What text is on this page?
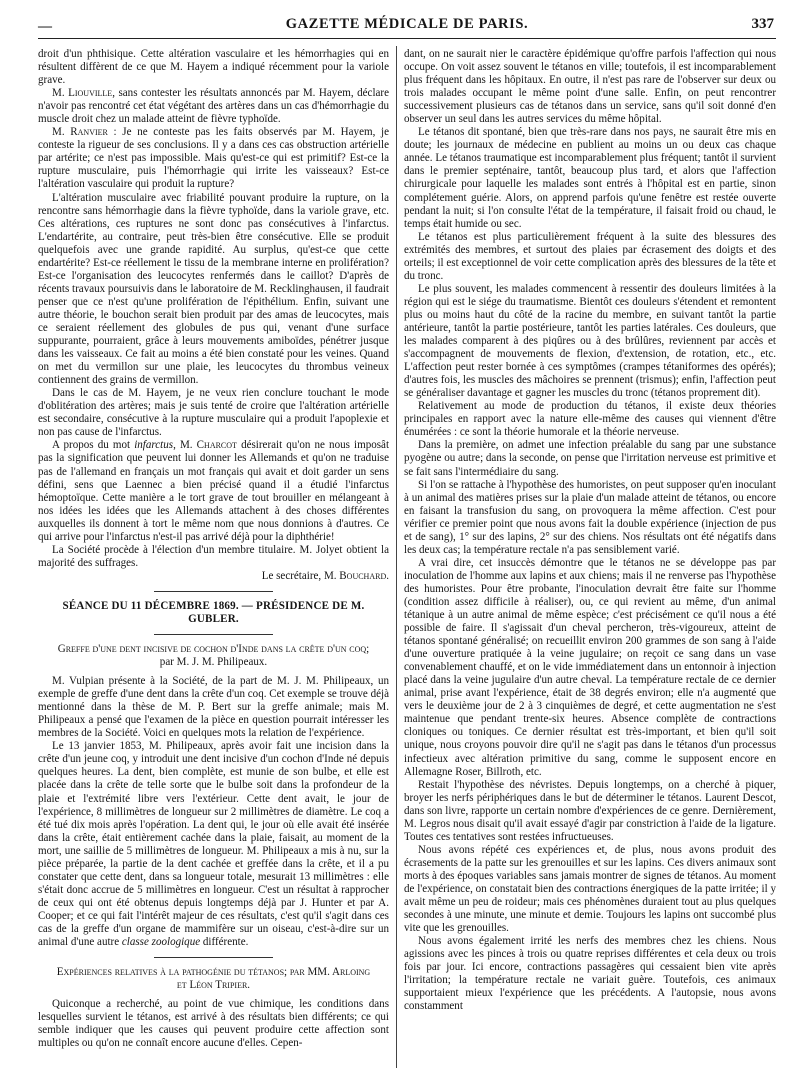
—	GAZETTE MÉDICALE DE PARIS.	337

droit d'un phthisique. Cette altération vasculaire et les hémorrhagies qui en résultent diffèrent de ce que M. Hayem a indiqué récemment pour la variole grave.

M. Liouville, sans contester les résultats annoncés par M. Hayem, déclare n'avoir pas rencontré cet état végétant des artères dans un cas d'hémorrhagie du muscle droit chez un malade atteint de fièvre typhoïde.

M. Ranvier : Je ne conteste pas les faits observés par M. Hayem, je conteste la rigueur de ses conclusions. Il y a dans ces cas obstruction artérielle par artérite; ce n'est pas impossible. Mais qu'est-ce qui est primitif? Est-ce la rupture musculaire, puis l'hémorrhagie qui irrite les vaisseaux? Est-ce l'altération vasculaire qui produit la rupture?

L'altération musculaire avec friabilité pouvant produire la rupture, on la rencontre sans hémorrhagie dans la fièvre typhoïde, dans la variole grave, etc. Ces altérations, ces ruptures ne sont donc pas consécutives à l'infarctus. L'endartérite, au contraire, peut très-bien être consécutive. Elle se produit quelquefois avec une grande rapidité. Au surplus, qu'est-ce que cette endartérite? Est-ce réellement le tissu de la membrane interne en prolifération? Est-ce l'organisation des leucocytes renfermés dans le caillot? D'après de récents travaux poursuivis dans le laboratoire de M. Recklinghausen, il faudrait penser que ce n'est qu'une prolifération de l'épithélium. Enfin, suivant une autre théorie, le bouchon serait bien produit par des amas de leucocytes, mais ce seraient réellement des globules de pus qui, venant d'une surface suppurante, pourraient, grâce à leurs mouvements amiboïdes, pénétrer jusque dans les vaisseaux. Ce fait au moins a été bien constaté pour les veines. Quand on met du vermillon sur une plaie, les leucocytes du thrombus veineux contiennent des grains de vermillon.

Dans le cas de M. Hayem, je ne veux rien conclure touchant le mode d'oblitération des artères; mais je suis tenté de croire que l'altération artérielle est secondaire, consécutive à la rupture musculaire qui a produit l'apoplexie et non pas cause de l'infarctus.

A propos du mot infarctus, M. Charcot désirerait qu'on ne nous imposât pas la signification que peuvent lui donner les Allemands et qu'on ne traduise pas de l'allemand en français un mot français qui avait et doit garder un sens défini, sens que Laennec a bien précisé quand il a étudié l'infarctus hémoptoïque. Cette manière a le tort grave de tout brouiller en mélangeant à nos idées les idées que les Allemands attachent à des choses différentes auxquelles ils donnent à tort le même nom que nous donnions à d'autres. Ce qui arrive pour l'infarctus n'est-il pas arrivé déjà pour la diphthérie!

La Société procède à l'élection d'un membre titulaire. M. Jolyet obtient la majorité des suffrages.

Le secrétaire, M. Bouchard.

SÉANCE DU 11 DÉCEMBRE 1869. — PRÉSIDENCE DE M. GUBLER.
Greffe d'une dent incisive de cochon d'Inde dans la crête d'un coq;
par M. J. M. Philipeaux.

M. Vulpian présente à la Société, de la part de M. J. M. Philipeaux, un exemple de greffe d'une dent dans la crête d'un coq. Cet exemple se trouve déjà mentionné dans la thèse de M. P. Bert sur la greffe animale; mais M. Philipeaux a pensé que l'examen de la pièce en question pourrait intéresser les membres de la Société. Voici en quelques mots la relation de l'expérience.

Le 13 janvier 1853, M. Philipeaux, après avoir fait une incision dans la crête d'un jeune coq, y introduit une dent incisive d'un cochon d'Inde né depuis quelques heures. La dent, bien complète, est munie de son bulbe, et elle est placée dans la crête de telle sorte que le bulbe soit dans la profondeur de la plaie et l'extrémité libre vers l'extérieur. Cette dent avait, le jour de l'expérience, 8 millimètres de longueur sur 2 millimètres de diamètre. Le coq a été tué dix mois après l'opération. La dent qui, le jour où elle avait été insérée dans la crête, était entièrement cachée dans la plaie, faisait, au moment de la mort, une saillie de 5 millimètres de longueur. M. Philipeaux a mis à nu, sur la pièce préparée, la partie de la dent cachée et greffée dans la crête, et il a pu constater que cette dent, dans sa longueur totale, mesurait 13 millimètres : elle s'était donc accrue de 5 millimètres en longueur. C'est un résultat à rapprocher de ceux qui ont été obtenus depuis longtemps déjà par J. Hunter et par A. Cooper; et ce qui fait l'intérêt majeur de ces résultats, c'est qu'il s'agit dans ces cas de la greffe d'un organe de mammifère sur un oiseau, c'est-à-dire sur un animal d'une autre classe zoologique différente.

Expériences relatives à la pathogénie du tétanos; par MM. Arloing
et Léon Tripier.

Quiconque a recherché, au point de vue chimique, les conditions dans lesquelles survient le tétanos, est arrivé à des résultats bien différents; ce qui semble indiquer que les causes qui peuvent produire cette affection sont multiples ou qu'on ne connaît encore aucune d'elles. Cepen-

dant, on ne saurait nier le caractère épidémique qu'offre parfois l'affection qui nous occupe. On voit assez souvent le tétanos en ville; toutefois, il est incomparablement plus fréquent dans les hôpitaux. En outre, il n'est pas rare de l'observer sur deux ou trois malades occupant le même point d'une salle. Enfin, on peut rencontrer successivement plusieurs cas de tétanos dans un service, sans qu'il soit donné d'en observer un seul dans les autres services du même hôpital.

Le tétanos dit spontané, bien que très-rare dans nos pays, ne saurait être mis en doute; les journaux de médecine en publient au moins un ou deux cas chaque année. Le tétanos traumatique est incomparablement plus fréquent; tantôt il survient dans le premier septénaire, tantôt, beaucoup plus tard, et alors que l'affection chirurgicale pour laquelle les malades sont entrés à l'hôpital est en partie, sinon complétement guérie. Alors, on apprend parfois qu'une fenêtre est restée ouverte pendant la nuit; si l'on consulte l'état de la température, il faisait froid ou chaud, le temps était humide ou sec.

Le tétanos est plus particulièrement fréquent à la suite des blessures des extrémités des membres, et surtout des plaies par écrasement des doigts et des orteils; il est exceptionnel de voir cette complication après des blessures de la tête et du tronc.

Le plus souvent, les malades commencent à ressentir des douleurs limitées à la région qui est le siége du traumatisme. Bientôt ces douleurs s'étendent et remontent plus ou moins haut du côté de la racine du membre, en suivant tantôt la partie antérieure, tantôt la partie postérieure, tantôt les parties latérales. Ces douleurs, que les malades comparent à des piqûres ou à des brûlûres, reviennent par accès et s'accompagnent de mouvements de flexion, d'extension, de rotation, etc., etc. L'affection peut rester bornée à ces symptômes (crampes tétaniformes des opérés); d'autres fois, les muscles des mâchoires se prennent (trismus); enfin, l'affection peut se généraliser davantage et gagner les muscles du tronc (tétanos proprement dit).

Relativement au mode de production du tétanos, il existe deux théories principales en rapport avec la nature elle-même des causes qui viennent d'être énumérées : ce sont la théorie humorale et la théorie nerveuse.

Dans la première, on admet une infection préalable du sang par une substance pyogène ou autre; dans la seconde, on pense que l'irritation nerveuse est primitive et se fait sans l'intermédiaire du sang.

Si l'on se rattache à l'hypothèse des humoristes, on peut supposer qu'en inoculant à un animal des matières prises sur la plaie d'un malade atteint de tétanos, ou encore en faisant la transfusion du sang, on provoquera la même affection. C'est pour vérifier ce premier point que nous avons fait la double expérience (injection de pus et de sang), 1° sur des lapins, 2° sur des chiens. Nos résultats ont été négatifs dans les deux cas; la température rectale n'a pas sensiblement varié.

A vrai dire, cet insuccès démontre que le tétanos ne se développe pas par inoculation de l'homme aux lapins et aux chiens; mais il ne renverse pas l'hypothèse des humoristes. Pour être probante, l'inoculation devrait être faite sur l'homme (condition assez difficile à réaliser), ou, ce qui revient au même, d'un animal tétanique à un autre animal de même espèce; c'est précisément ce qu'il nous a été possible de faire. Il s'agissait d'un cheval percheron, très-vigoureux, atteint de tétanos spontané généralisé; on recueillit environ 200 grammes de son sang à l'aide d'une ouverture pratiquée à la veine jugulaire; on reçoit ce sang dans un vase convenablement chauffé, et on le vide immédiatement dans un entonnoir à injection placé dans la veine jugulaire d'un autre cheval. La température rectale de ce dernier animal, prise avant l'expérience, était de 38 degrés environ; elle n'a augmenté que vers le deuxième jour de 2 à 3 cinquièmes de degré, et cette augmentation ne s'est maintenue que pendant trente-six heures. Absence complète de contractions cloniques ou toniques. Ce dernier résultat est très-important, et bien qu'il soit unique, nous croyons pouvoir dire qu'il ne s'agit pas dans le tétanos d'un processus infectieux avec altération primitive du sang, comme le supposent encore en Allemagne Roser, Billroth, etc.

Restait l'hypothèse des névristes. Depuis longtemps, on a cherché à piquer, broyer les nerfs périphériques dans le but de déterminer le tétanos. Laurent Descot, dans son livre, rapporte un certain nombre d'expériences de ce genre. Dernièrement, M. Legros nous disait qu'il avait essayé d'agir par constriction à l'aide de la ligature. Toutes ces tentatives sont restées infructueuses.

Nous avons répété ces expériences et, de plus, nous avons produit des écrasements de la patte sur les grenouilles et sur les lapins. Ces divers animaux sont morts à des époques variables sans jamais montrer de signes de tétanos. Au moment de l'expérience, on constatait bien des contractions énergiques de la patte irritée; il y avait même un peu de roideur; mais ces phénomènes duraient tout au plus quelques secondes à une minute, une minute et demie. Toujours les lapins ont succombé plus vite que les grenouilles.

Nous avons également irrité les nerfs des membres chez les chiens. Nous agissions avec les pinces à trois ou quatre reprises différentes et cela deux ou trois fois par jour. Ici encore, contractions passagères qui cessaient bien vite après l'irritation; la température rectale ne variait guère. Toutefois, ces animaux supportaient mieux l'expérience que les précédents. A l'autopsie, nous avons constamment
